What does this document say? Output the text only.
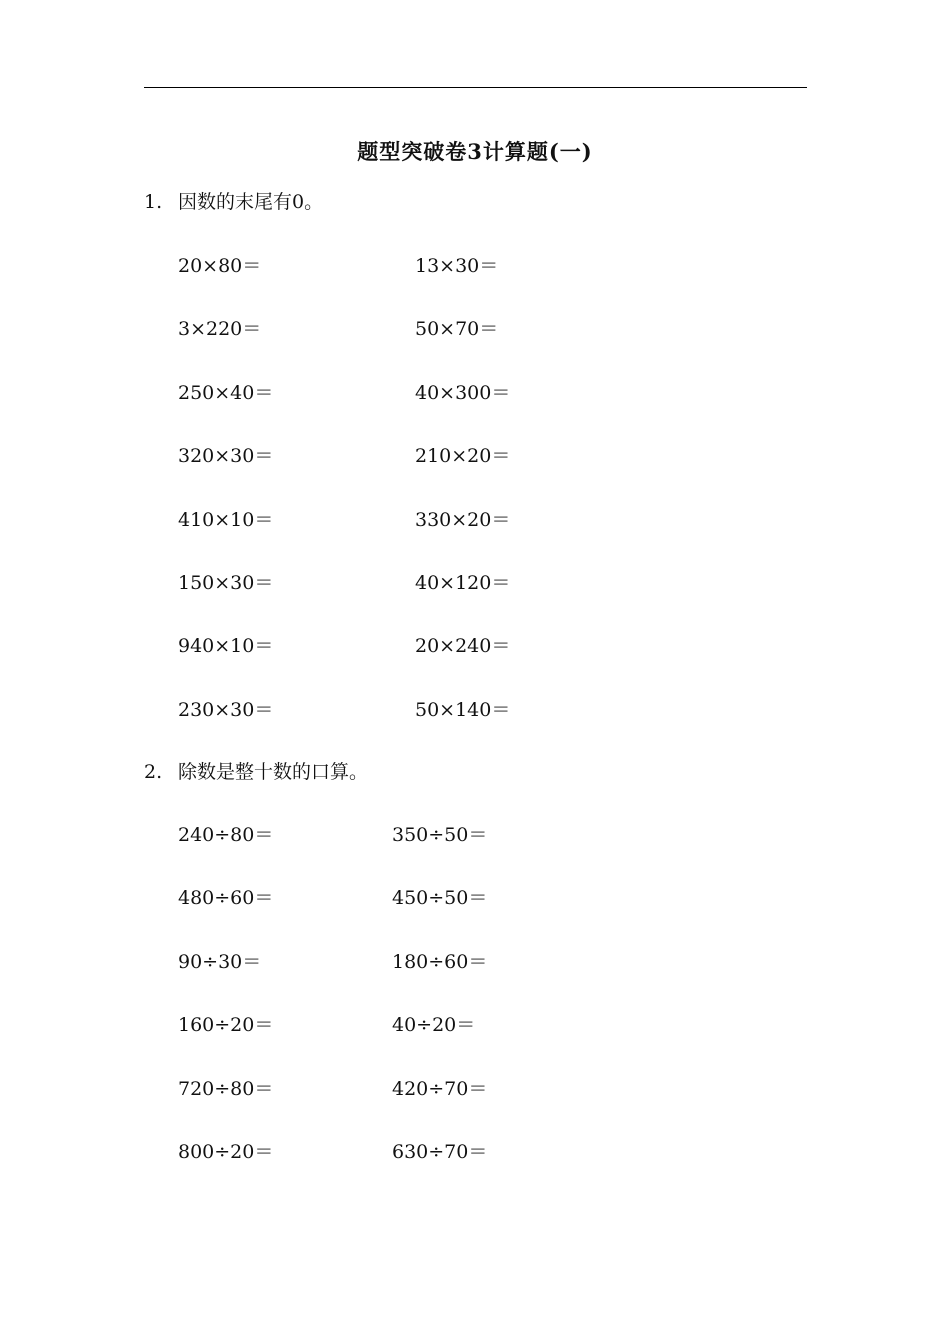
题型突破卷3计算题(一)
1. 因数的末尾有0。
20×80＝	13×30＝
3×220＝	50×70＝
250×40＝	40×300＝
320×30＝	210×20＝
410×10＝	330×20＝
150×30＝	40×120＝
940×10＝	20×240＝
230×30＝	50×140＝
2. 除数是整十数的口算。
240÷80＝	350÷50＝
480÷60＝	450÷50＝
90÷30＝	180÷60＝
160÷20＝	40÷20＝
720÷80＝	420÷70＝
800÷20＝	630÷70＝
